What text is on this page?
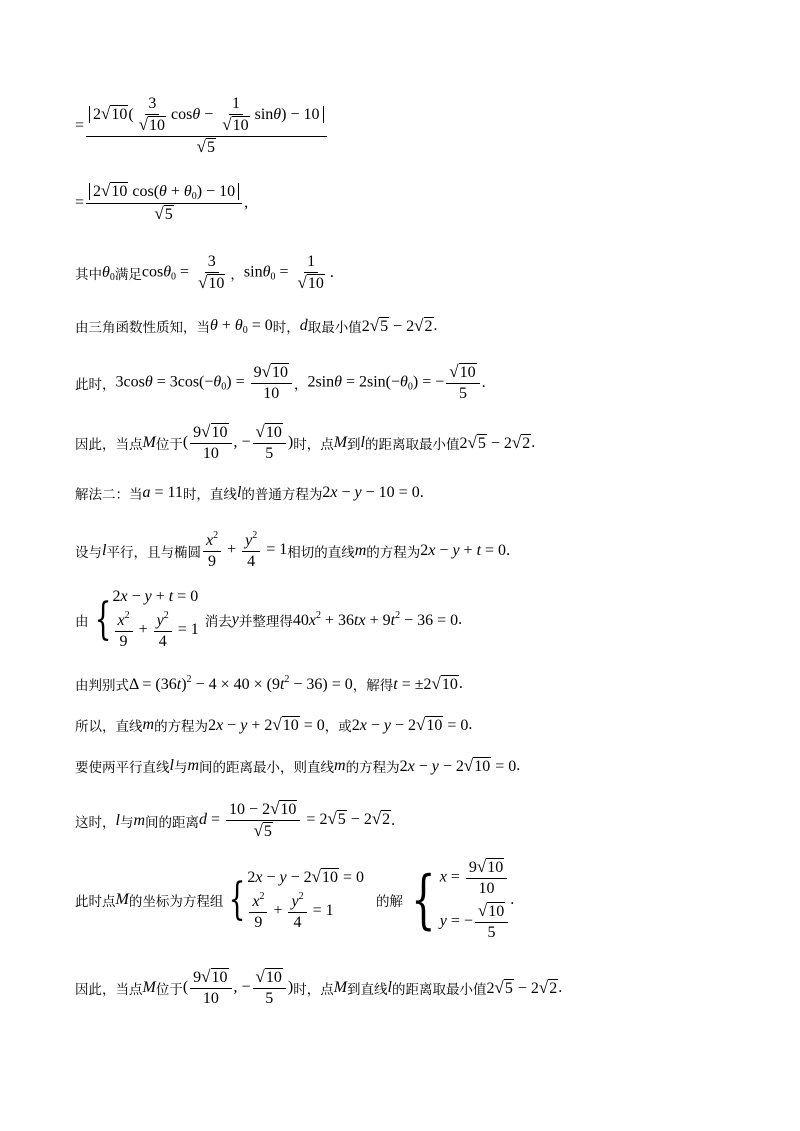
= $\frac{2 √ 10 ( \frac{3}{√ 10} \cos\theta - \frac{1}{√ 10} \sin\theta) - 10}{√ 5}$
= $\frac{2 √ 10 \cos(\theta + \theta_0) - 10}{√ 5}$ ,
其中 $\theta_0$ 满足 $\cos\theta_0 = \frac{3}{√ 10}$ ， $\sin\theta_0 = \frac{1}{√ 10}$ .
由三角函数性质知，当 $\theta + \theta_0 = 0$ 时， d 取最小值 2 √ 5 − 2 √ 2 .
此时， $3\cos\theta = 3\cos(-\theta_0) = \frac{9 √ 10}{10}$ ， $2\sin\theta = 2\sin(-\theta_0)$ = − $\frac{√ 10}{5}$ .
因此，当点 M 位于 ( $\frac{9 √ 10}{10}$ , − $\frac{√ 10}{5}$ ) 时，点 M 到 l 的距离取最小值 2 √ 5 − 2 √ 2 .
解法二：当 a = 11 时，直线 l 的普通方程为 2x − y − 10 = 0 .
设与 l 平行，且与椭圆 $\frac{x^2}{9} + \frac{y^2}{4} = 1$ 相切的直线 m 的方程为 2x − y + t = 0 .
由 { 2x − y + t = 0
$\frac{x^2}{9} + \frac{y^2}{4} = 1$ 消去 y 并整理得 $40x^2 + 36tx + 9t^2 - 36 = 0$ .
由判别式 $\Delta = (36t)^2 - 4 \times 40 \times (9t^2 - 36) = 0$ ，解得 t = ±2 √ 10 .
所以，直线 m 的方程为 2x − y + 2 √ 10 = 0 ，或 2x − y − 2 √ 10 = 0 .
要使两平行直线 l 与 m 间的距离最小，则直线 m 的方程为 2x − y − 2 √ 10 = 0 .
这时， l 与 m 间的距离 $d = \frac{10 - 2 √ 10}{√ 5} = 2$ √ 5 − 2 √ 2 .
此时点 M 的坐标为方程组 { 2x − y − 2 √ 10 = 0
$\frac{x^2}{9} + \frac{y^2}{4} = 1$
的解 { $x = \frac{9 √ 10}{10}$
y = − $\frac{√ 10}{5}$
.
因此，当点 M 位于 ( $\frac{9 √ 10}{10}$ , − $\frac{√ 10}{5}$ ) 时，点 M 到直线 l 的距离取最小值 2 √ 5 − 2 √ 2 .
